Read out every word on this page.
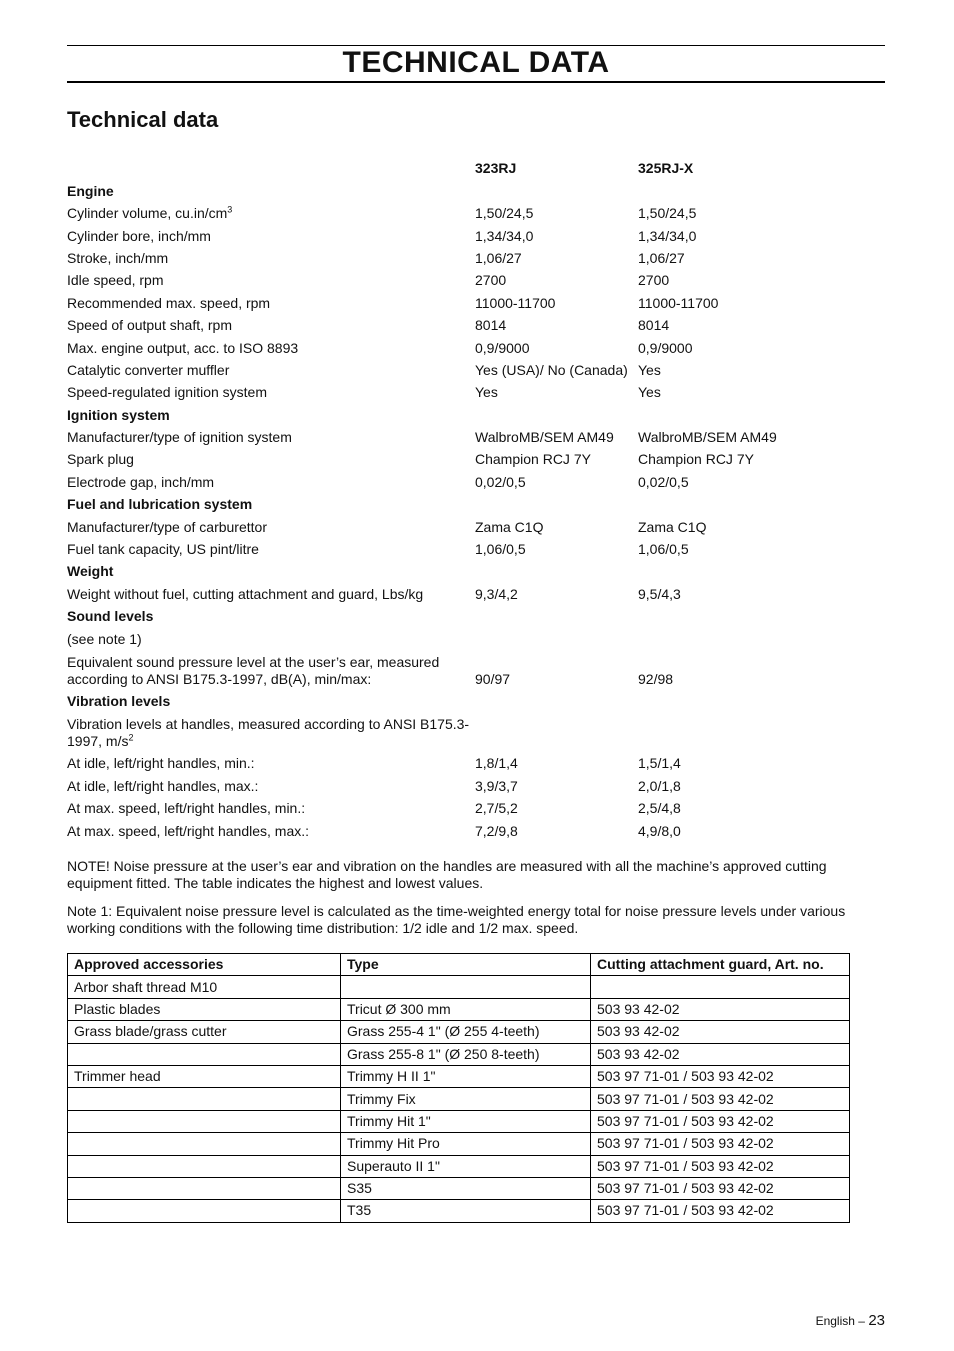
TECHNICAL DATA
Technical data
	323RJ	325RJ-X
Engine		
Cylinder volume, $cu.in/cm^3$	1,50/24,5	1,50/24,5
Cylinder bore, inch/mm	1,34/34,0	1,34/34,0
Stroke, inch/mm	1,06/27	1,06/27
Idle speed, rpm	2700	2700
Recommended max. speed, rpm	11000-11700	11000-11700
Speed of output shaft, rpm	8014	8014
Max. engine output, acc. to ISO 8893	0,9/9000	0,9/9000
Catalytic converter muffler	Yes (USA)/ No (Canada)	Yes
Speed-regulated ignition system	Yes	Yes
Ignition system		
Manufacturer/type of ignition system	WalbroMB/SEM AM49	WalbroMB/SEM AM49
Spark plug	Champion RCJ 7Y	Champion RCJ 7Y
Electrode gap, inch/mm	0,02/0,5	0,02/0,5
Fuel and lubrication system		
Manufacturer/type of carburettor	Zama C1Q	Zama C1Q
Fuel tank capacity, US pint/litre	1,06/0,5	1,06/0,5
Weight		
Weight without fuel, cutting attachment and guard, Lbs/kg	9,3/4,2	9,5/4,3
Sound levels		
(see note 1)		
Equivalent sound pressure level at the user’s ear, measured according to ANSI B175.3-1997, dB(A), min/max:	90/97	92/98
Vibration levels		
Vibration levels at handles, measured according to ANSI B175.3-1997, $m/s^2$		
At idle, left/right handles, min.:	1,8/1,4	1,5/1,4
At idle, left/right handles, max.:	3,9/3,7	2,0/1,8
At max. speed, left/right handles, min.:	2,7/5,2	2,5/4,8
At max. speed, left/right handles, max.:	7,2/9,8	4,9/8,0

NOTE! Noise pressure at the user’s ear and vibration on the handles are measured with all the machine’s approved cutting equipment fitted. The table indicates the highest and lowest values.

Note 1: Equivalent noise pressure level is calculated as the time-weighted energy total for noise pressure levels under various working conditions with the following time distribution: 1/2 idle and 1/2 max. speed.

Approved accessories	Type	Cutting attachment guard, Art. no.
Arbor shaft thread M10		
Plastic blades	Tricut Ø 300 mm	503 93 42-02
Grass blade/grass cutter	Grass 255-4 1" (Ø 255 4-teeth)	503 93 42-02
	Grass 255-8 1" (Ø 250 8-teeth)	503 93 42-02
Trimmer head	Trimmy H II 1"	503 97 71-01 / 503 93 42-02
	Trimmy Fix	503 97 71-01 / 503 93 42-02
	Trimmy Hit 1"	503 97 71-01 / 503 93 42-02
	Trimmy Hit Pro	503 97 71-01 / 503 93 42-02
	Superauto II 1"	503 97 71-01 / 503 93 42-02
	S35	503 97 71-01 / 503 93 42-02
	T35	503 97 71-01 / 503 93 42-02
English – 23
